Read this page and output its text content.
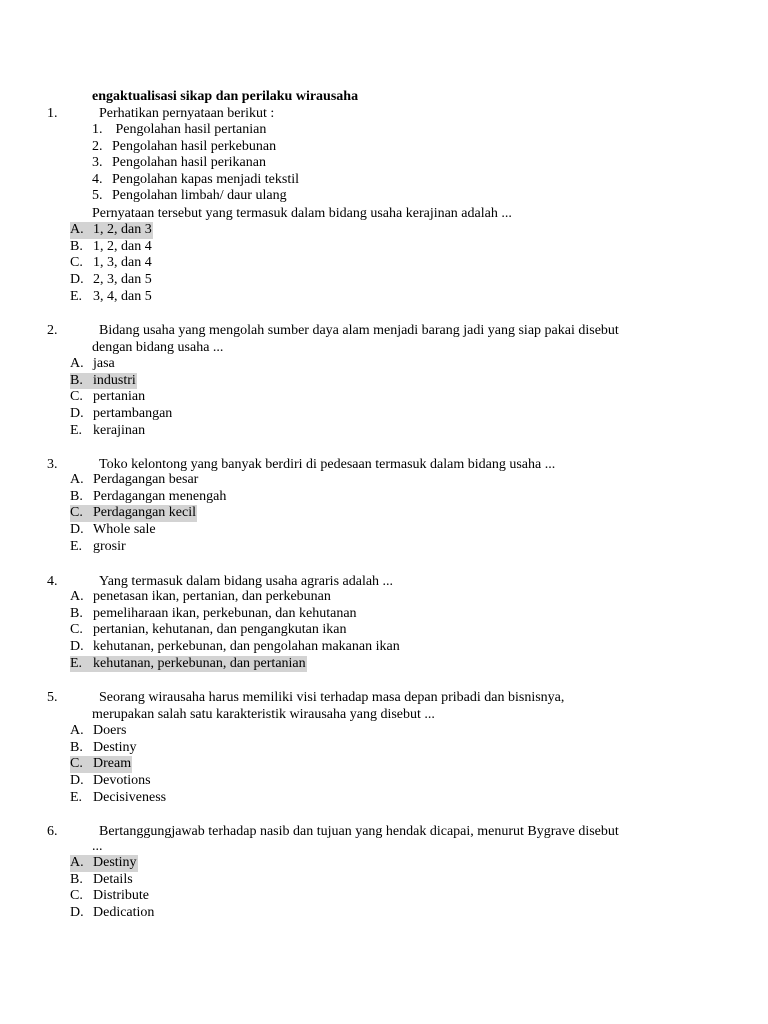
engaktualisasi sikap dan perilaku wirausaha
1.	Perhatikan pernyataan berikut :
1. Pengolahan hasil pertanian
2. Pengolahan hasil perkebunan
3. Pengolahan hasil perikanan
4. Pengolahan kapas menjadi tekstil
5. Pengolahan limbah/ daur ulang
Pernyataan tersebut yang termasuk dalam bidang usaha kerajinan adalah ...
A. 1, 2, dan 3
B. 1, 2, dan 4
C. 1, 3, dan 4
D. 2, 3, dan 5
E. 3, 4, dan 5
2.	Bidang usaha yang mengolah sumber daya alam menjadi barang jadi yang siap pakai disebut
dengan bidang usaha ...
A. jasa
B. industri
C. pertanian
D. pertambangan
E. kerajinan
3.	Toko kelontong yang banyak berdiri di pedesaan termasuk dalam bidang usaha ...
A. Perdagangan besar
B. Perdagangan menengah
C. Perdagangan kecil
D. Whole sale
E. grosir
4.	Yang termasuk dalam bidang usaha agraris adalah ...
A. penetasan ikan, pertanian, dan perkebunan
B. pemeliharaan ikan, perkebunan, dan kehutanan
C. pertanian, kehutanan, dan pengangkutan ikan
D. kehutanan, perkebunan, dan pengolahan makanan ikan
E. kehutanan, perkebunan, dan pertanian
5.	Seorang wirausaha harus memiliki visi terhadap masa depan pribadi dan bisnisnya,
merupakan salah satu karakteristik wirausaha yang disebut ...
A. Doers
B. Destiny
C. Dream
D. Devotions
E. Decisiveness
6.	Bertanggungjawab terhadap nasib dan tujuan yang hendak dicapai, menurut Bygrave disebut
...
A. Destiny
B. Details
C. Distribute
D. Dedication
